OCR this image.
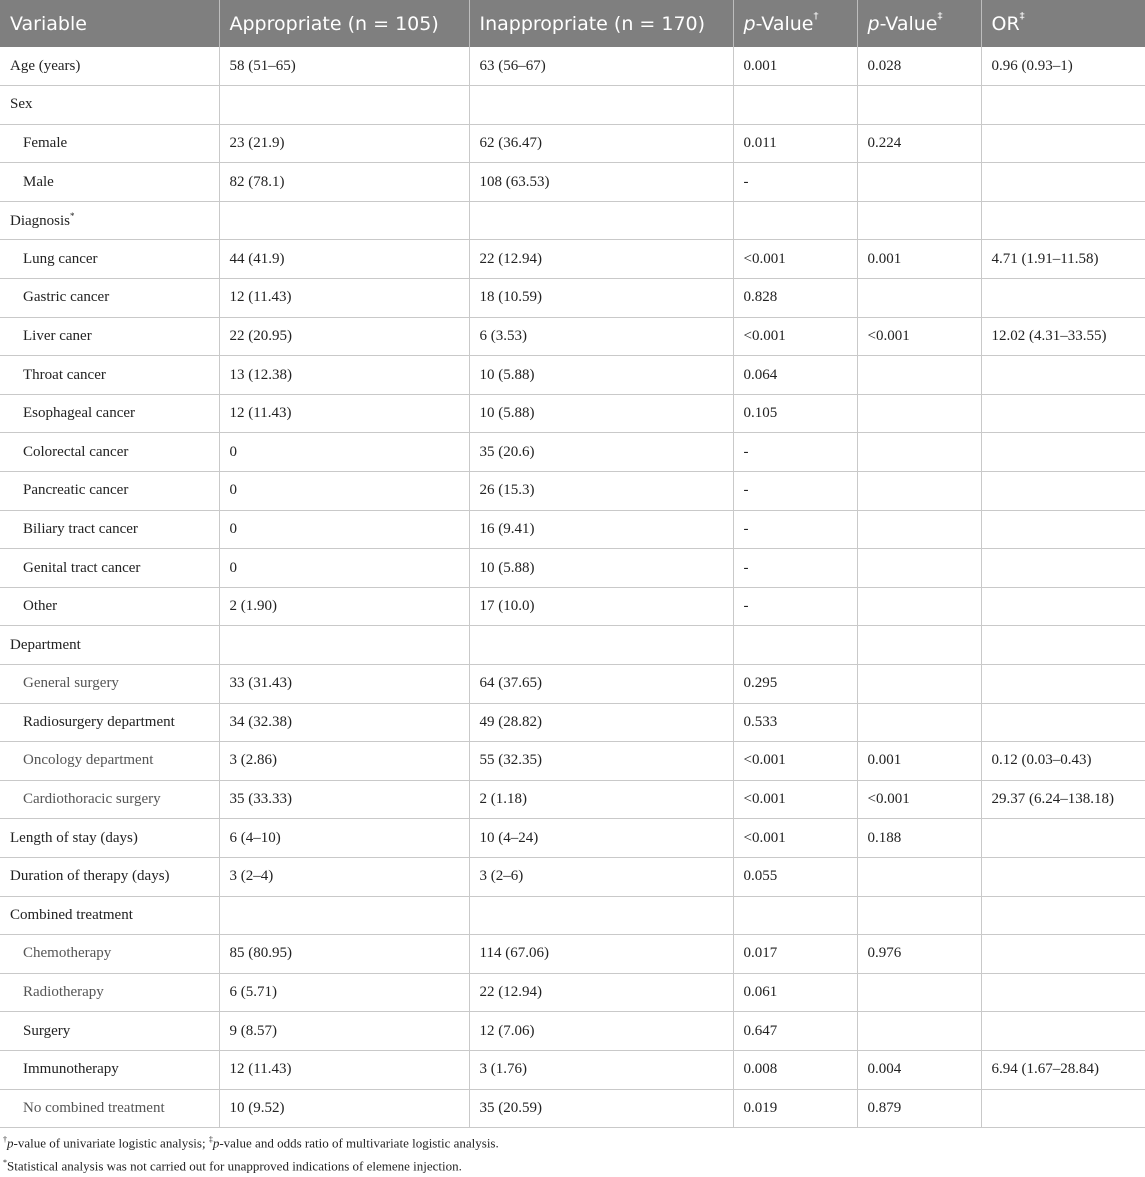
Variable	Appropriate (n = 105)	Inappropriate (n = 170)	p-Value†	p-Value‡	OR‡
Age (years)	58 (51–65)	63 (56–67)	0.001	0.028	0.96 (0.93–1)
Sex					
Female	23 (21.9)	62 (36.47)	0.011	0.224	
Male	82 (78.1)	108 (63.53)	-		
Diagnosis*					
Lung cancer	44 (41.9)	22 (12.94)	<0.001	0.001	4.71 (1.91–11.58)
Gastric cancer	12 (11.43)	18 (10.59)	0.828		
Liver caner	22 (20.95)	6 (3.53)	<0.001	<0.001	12.02 (4.31–33.55)
Throat cancer	13 (12.38)	10 (5.88)	0.064		
Esophageal cancer	12 (11.43)	10 (5.88)	0.105		
Colorectal cancer	0	35 (20.6)	-		
Pancreatic cancer	0	26 (15.3)	-		
Biliary tract cancer	0	16 (9.41)	-		
Genital tract cancer	0	10 (5.88)	-		
Other	2 (1.90)	17 (10.0)	-		
Department					
General surgery	33 (31.43)	64 (37.65)	0.295		
Radiosurgery department	34 (32.38)	49 (28.82)	0.533		
Oncology department	3 (2.86)	55 (32.35)	<0.001	0.001	0.12 (0.03–0.43)
Cardiothoracic surgery	35 (33.33)	2 (1.18)	<0.001	<0.001	29.37 (6.24–138.18)
Length of stay (days)	6 (4–10)	10 (4–24)	<0.001	0.188	
Duration of therapy (days)	3 (2–4)	3 (2–6)	0.055		
Combined treatment					
Chemotherapy	85 (80.95)	114 (67.06)	0.017	0.976	
Radiotherapy	6 (5.71)	22 (12.94)	0.061		
Surgery	9 (8.57)	12 (7.06)	0.647		
Immunotherapy	12 (11.43)	3 (1.76)	0.008	0.004	6.94 (1.67–28.84)
No combined treatment	10 (9.52)	35 (20.59)	0.019	0.879	
†p-value of univariate logistic analysis; ‡p-value and odds ratio of multivariate logistic analysis.
*Statistical analysis was not carried out for unapproved indications of elemene injection.
